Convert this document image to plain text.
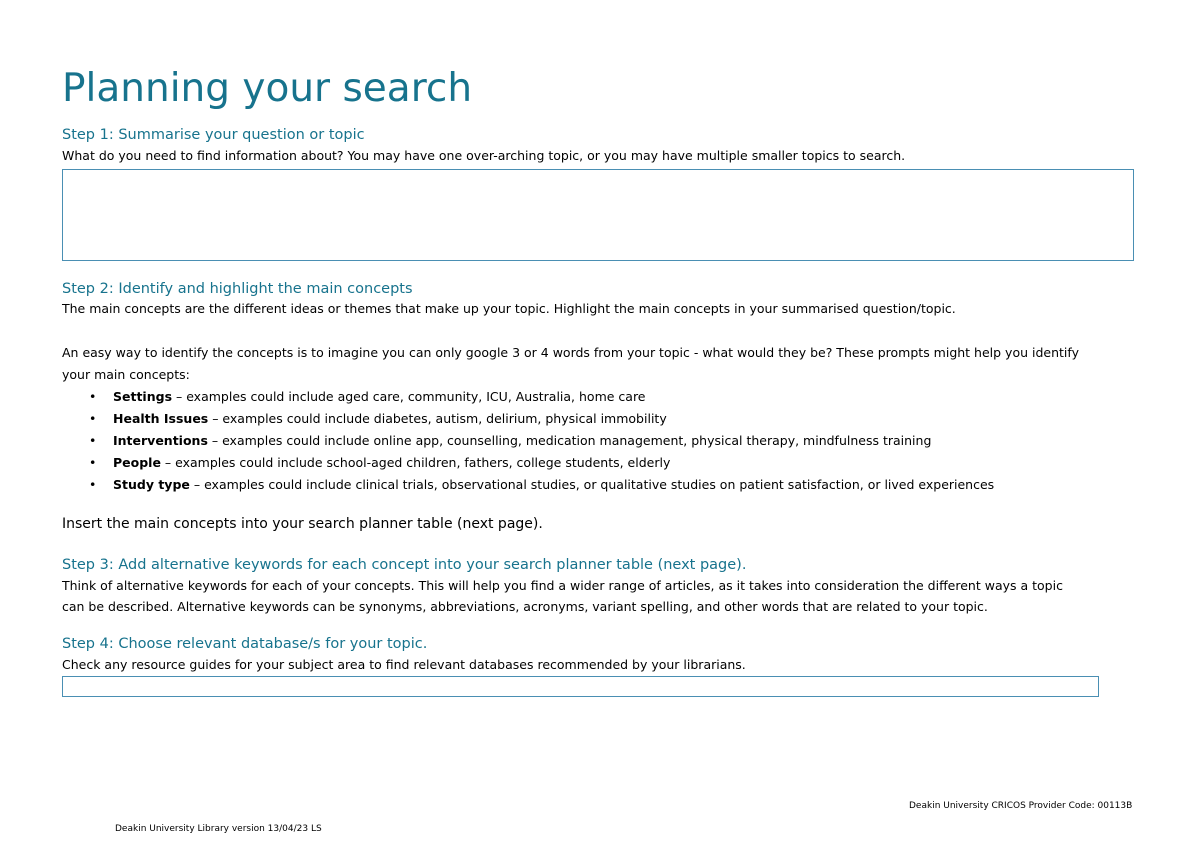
Planning your search
Step 1: Summarise your question or topic
What do you need to find information about? You may have one over-arching topic, or you may have multiple smaller topics to search.
Step 2: Identify and highlight the main concepts
The main concepts are the different ideas or themes that make up your topic. Highlight the main concepts in your summarised question/topic.
An easy way to identify the concepts is to imagine you can only google 3 or 4 words from your topic - what would they be? These prompts might help you identify
your main concepts:
• Settings – examples could include aged care, community, ICU, Australia, home care
• Health Issues – examples could include diabetes, autism, delirium, physical immobility
• Interventions – examples could include online app, counselling, medication management, physical therapy, mindfulness training
• People – examples could include school-aged children, fathers, college students, elderly
• Study type – examples could include clinical trials, observational studies, or qualitative studies on patient satisfaction, or lived experiences
Insert the main concepts into your search planner table (next page).
Step 3: Add alternative keywords for each concept into your search planner table (next page).
Think of alternative keywords for each of your concepts. This will help you find a wider range of articles, as it takes into consideration the different ways a topic
can be described. Alternative keywords can be synonyms, abbreviations, acronyms, variant spelling, and other words that are related to your topic.
Step 4: Choose relevant database/s for your topic.
Check any resource guides for your subject area to find relevant databases recommended by your librarians.
Deakin University CRICOS Provider Code: 00113B
Deakin University Library version 13/04/23 LS
